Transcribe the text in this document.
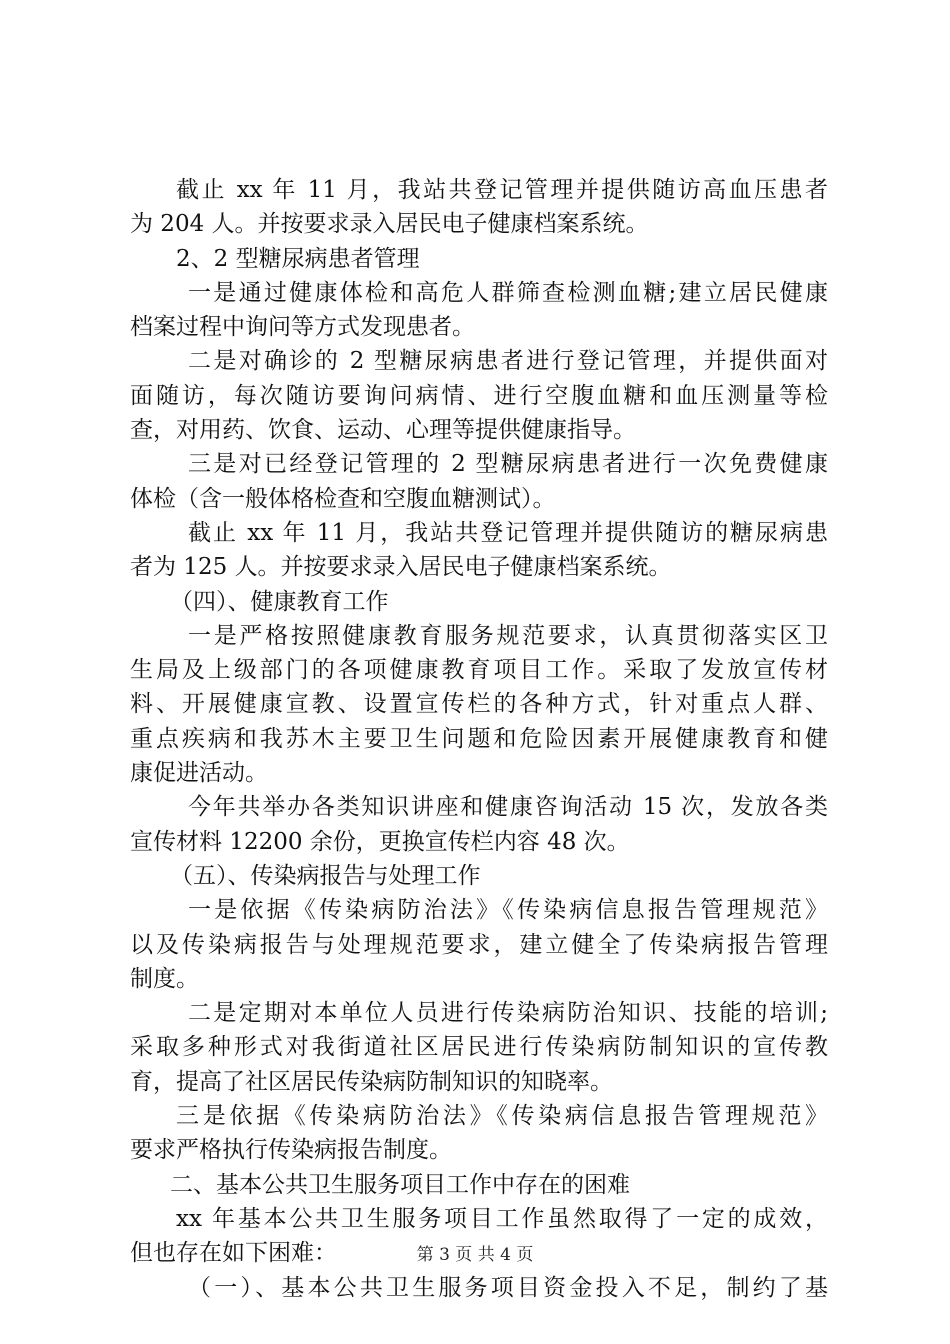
截止 xx 年 11 月，我站共登记管理并提供随访高血压患者
为 204 人。并按要求录入居民电子健康档案系统。
2、2 型糖尿病患者管理
一是通过健康体检和高危人群筛查检测血糖;建立居民健康
档案过程中询问等方式发现患者。
二是对确诊的 2 型糖尿病患者进行登记管理，并提供面对
面随访，每次随访要询问病情、进行空腹血糖和血压测量等检
查，对用药、饮食、运动、心理等提供健康指导。
三是对已经登记管理的 2 型糖尿病患者进行一次免费健康
体检（含一般体格检查和空腹血糖测试）。
截止 xx 年 11 月，我站共登记管理并提供随访的糖尿病患
者为 125 人。并按要求录入居民电子健康档案系统。
（四）、健康教育工作
一是严格按照健康教育服务规范要求，认真贯彻落实区卫
生局及上级部门的各项健康教育项目工作。采取了发放宣传材
料、开展健康宣教、设置宣传栏的各种方式，针对重点人群、
重点疾病和我苏木主要卫生问题和危险因素开展健康教育和健
康促进活动。
今年共举办各类知识讲座和健康咨询活动 15 次，发放各类
宣传材料 12200 余份，更换宣传栏内容 48 次。
（五）、传染病报告与处理工作
一是依据《传染病防治法》《传染病信息报告管理规范》
以及传染病报告与处理规范要求，建立健全了传染病报告管理
制度。
二是定期对本单位人员进行传染病防治知识、技能的培训;
采取多种形式对我街道社区居民进行传染病防制知识的宣传教
育，提高了社区居民传染病防制知识的知晓率。
三是依据《传染病防治法》《传染病信息报告管理规范》
要求严格执行传染病报告制度。
二、基本公共卫生服务项目工作中存在的困难
xx 年基本公共卫生服务项目工作虽然取得了一定的成效，
但也存在如下困难：
（一）、基本公共卫生服务项目资金投入不足，制约了基
第 3 页 共 4 页
